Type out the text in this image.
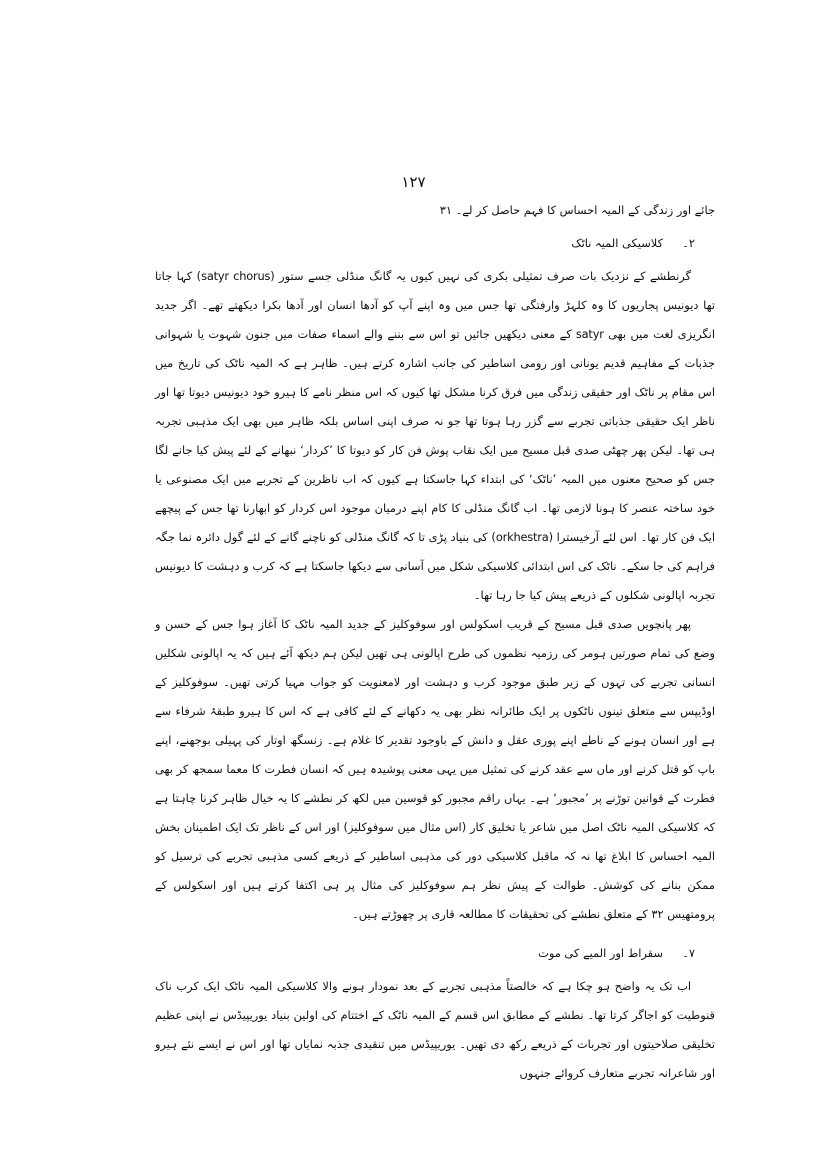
۱۲۷

جائے اور زندگی کے المیہ احساس کا فہم حاصل کر لے۔ ۳۱

۲۔کلاسیکی المیہ ناٹک

گرنطشے کے نزدیک بات صرف تمثیلی بکری کی نہیں کیوں یہ گانگ منڈلی جسے ستور (satyr chorus) کہا جاتا تھا دیونیس پجاریوں کا وہ کلہڑ وارفتگی تھا جس میں وہ اپنے آپ کو آدھا انسان اور آدھا بکرا دیکھتے تھے۔ اگر جدید انگریزی لغت میں بھی satyr کے معنی دیکھیں جائیں تو اس سے بننے والے اسماء صفات میں جنون شہوت یا شہوانی جذبات کے مفاہیم قدیم یونانی اور رومی اساطیر کی جانب اشارہ کرتے ہیں۔ ظاہر ہے کہ المیہ ناٹک کی تاریخ میں اس مقام پر ناٹک اور حقیقی زندگی میں فرق کرنا مشکل تھا کیوں کہ اس منظر نامے کا ہیرو خود دیونیس دیوتا تھا اور ناظر ایک حقیقی جذباتی تجربے سے گزر رہا ہوتا تھا جو نہ صرف اپنی اساس بلکہ ظاہر میں بھی ایک مذہبی تجربہ ہی تھا۔ لیکن پھر چھٹی صدی قبل مسیح میں ایک نقاب پوش فن کار کو دیوتا کا ’کردار‘ نبھانے کے لئے پیش کیا جانے لگا جس کو صحیح معنوں میں المیہ ’ناٹک‘ کی ابتداء کہا جاسکتا ہے کیوں کہ اب ناظرین کے تجربے میں ایک مصنوعی یا خود ساختہ عنصر کا ہونا لازمی تھا۔ اب گانگ منڈلی کا کام اپنے درمیان موجود اس کردار کو ابھارنا تھا جس کے پیچھے ایک فن کار تھا۔ اس لئے آرخیسترا (orkhestra) کی بنیاد پڑی تا کہ گانگ منڈلی کو ناچنے گانے کے لئے گول دائرہ نما جگہ فراہم کی جا سکے۔ ناٹک کی اس ابتدائی کلاسیکی شکل میں آسانی سے دیکھا جاسکتا ہے کہ کرب و دہشت کا دیونیس تجربہ اپالونی شکلوں کے ذریعے پیش کیا جا رہا تھا۔

پھر پانچویں صدی قبل مسیح کے قریب اسکولس اور سوفوکلیز کے جدید المیہ ناٹک کا آغاز ہوا جس کے حسن و وضع کی تمام صورتیں ہومر کی رزمیہ نظموں کی طرح اپالونی ہی تھیں لیکن ہم دیکھ آئے ہیں کہ یہ اپالونی شکلیں انسانی تجربے کی تہوں کے زیر طبق موجود کرب و دہشت اور لامعنویت کو جواب مہیا کرتی تھیں۔ سوفوکلیز کے اوڈیپس سے متعلق تینوں ناٹکوں پر ایک طائرانہ نظر بھی یہ دکھانے کے لئے کافی ہے کہ اس کا ہیرو طبقۂ شرفاء سے ہے اور انسان ہونے کے ناطے اپنے پوری عقل و دانش کے باوجود تقدیر کا غلام ہے۔ زنسگھ اوتار کی پہیلی بوجھنے، اپنے باپ کو قتل کرنے اور ماں سے عقد کرنے کی تمثیل میں یہی معنی پوشیدہ ہیں کہ انسان فطرت کا معما سمجھ کر بھی فطرت کے قوانین توڑنے پر ’مجبور‘ ہے۔ یہاں راقم مجبور کو قوسین میں لکھ کر نطشے کا یہ خیال ظاہر کرنا چاہتا ہے کہ کلاسیکی المیہ ناٹک اصل میں شاعر یا تخلیق کار (اس مثال میں سوفوکلیز) اور اس کے ناظر تک ایک اطمینان بخش المیہ احساس کا ابلاغ تھا نہ کہ ماقبل کلاسیکی دور کی مذہبی اساطیر کے ذریعے کسی مذہبی تجربے کی ترسیل کو ممکن بنانے کی کوشش۔ طوالت کے پیش نظر ہم سوفوکلیز کی مثال پر ہی اکتفا کرتے ہیں اور اسکولس کے پرومتھیس ۳۲ کے متعلق نطشے کی تحقیقات کا مطالعہ قاری پر چھوڑتے ہیں۔

۷۔سقراط اور المیے کی موت

اب تک یہ واضح ہو چکا ہے کہ خالصتاً مذہبی تجربے کے بعد نمودار ہونے والا کلاسیکی المیہ ناٹک ایک کرب ناک قنوطیت کو اجاگر کرتا تھا۔ نطشے کے مطابق اس قسم کے المیہ ناٹک کے اختتام کی اولین بنیاد یوریپیڈس نے اپنی عظیم تخلیقی صلاحیتوں اور تجربات کے ذریعے رکھ دی تھیں۔ یوریپیڈس میں تنقیدی جذبہ نمایاں تھا اور اس نے ایسے نئے ہیرو اور شاعرانہ تجربے متعارف کروائے جنہوں
